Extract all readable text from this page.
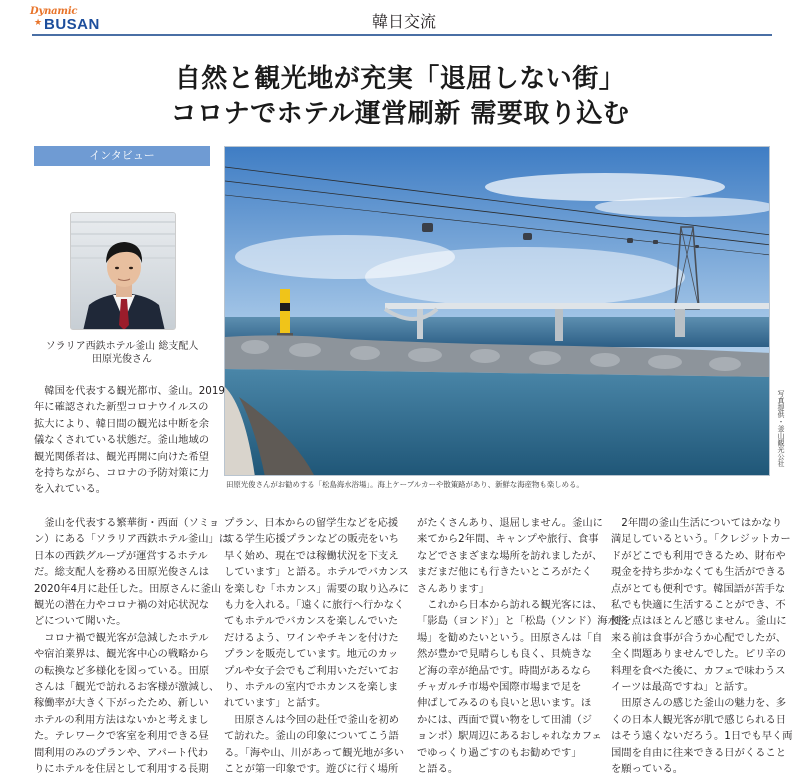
Dynamic
★ BUSAN	韓日交流
自然と観光地が充実「退屈しない街」
コロナでホテル運営刷新 需要取り込む
インタビュー
ソラリア西鉄ホテル釜山 総支配人
田原光俊さん
田原光俊さんがお勧めする「松島海水浴場」。海上ケーブルカーや散策路があり、新鮮な海産物も楽しめる。
写真提供・釜山観光公社

　韓国を代表する観光都市、釜山。2019

年に確認された新型コロナウイルスの

拡大により、韓日間の観光は中断を余

儀なくされている状態だ。釜山地域の

観光関係者は、観光再開に向けた希望

を持ちながら、コロナの予防対策に力

を入れている。

　釜山を代表する繁華街・西面（ソミョ

ン）にある「ソラリア西鉄ホテル釜山」は、

日本の西鉄グループが運営するホテル

だ。総支配人を務める田原光俊さんは

2020年4月に赴任した。田原さんに釜山

観光の潜在力やコロナ禍の対応状況な

どについて聞いた。

　コロナ禍で観光客が急減したホテル

や宿泊業界は、観光客中心の戦略から

の転換など多様化を図っている。田原

さんは「観光で訪れるお客様が激減し、

稼働率が大きく下がったため、新しい

ホテルの利用方法はないかと考えまし

た。テレワークで客室を利用できる昼

間利用のみのプランや、アパート代わ

りにホテルを住居として利用する長期

プラン、日本からの留学生などを応援

する学生応援プランなどの販売をいち

早く始め、現在では稼働状況を下支え

しています」と語る。ホテルでバカンス

を楽しむ「ホカンス」需要の取り込みに

も力を入れる。「遠くに旅行へ行かなく

てもホテルでバカンスを楽しんでいた

だけるよう、ワインやチキンを付けた

プランを販売しています。地元のカッ

プルや女子会でもご利用いただいてお

り、ホテルの室内でホカンスを楽しま

れています」と話す。

　田原さんは今回の赴任で釜山を初め

て訪れた。釜山の印象についてこう語

る。「海や山、川があって観光地が多い

ことが第一印象です。遊びに行く場所

がたくさんあり、退屈しません。釜山に

来てから2年間、キャンプや旅行、食事

などでさまざまな場所を訪れましたが、

まだまだ他にも行きたいところがたく

さんあります」

　これから日本から訪れる観光客には、

「影島（ヨンド）」と「松島（ソンド）海水浴

場」を勧めたいという。田原さんは「自

然が豊かで見晴らしも良く、貝焼きな

ど海の幸が絶品です。時間があるなら

チャガルチ市場や国際市場まで足を

伸ばしてみるのも良いと思います。ほ

かには、西面で買い物をして田浦（ジ

ョンポ）駅周辺にあるおしゃれなカフェ

でゆっくり過ごすのもお勧めです」

と語る。

　2年間の釜山生活についてはかなり

満足しているという。「クレジットカー

ドがどこでも利用できるため、財布や

現金を持ち歩かなくても生活ができる

点がとても便利です。韓国語が苦手な

私でも快適に生活することができ、不

便を点はほとんど感じません。釜山に

来る前は食事が合うか心配でしたが、

全く問題ありませんでした。ピリ辛の

料理を食べた後に、カフェで味わうス

イーツは最高ですね」と話す。

　田原さんの感じた釜山の魅力を、多

くの日本人観光客が肌で感じられる日

はそう遠くないだろう。1日でも早く両

国間を自由に往来できる日がくること

を願っている。
